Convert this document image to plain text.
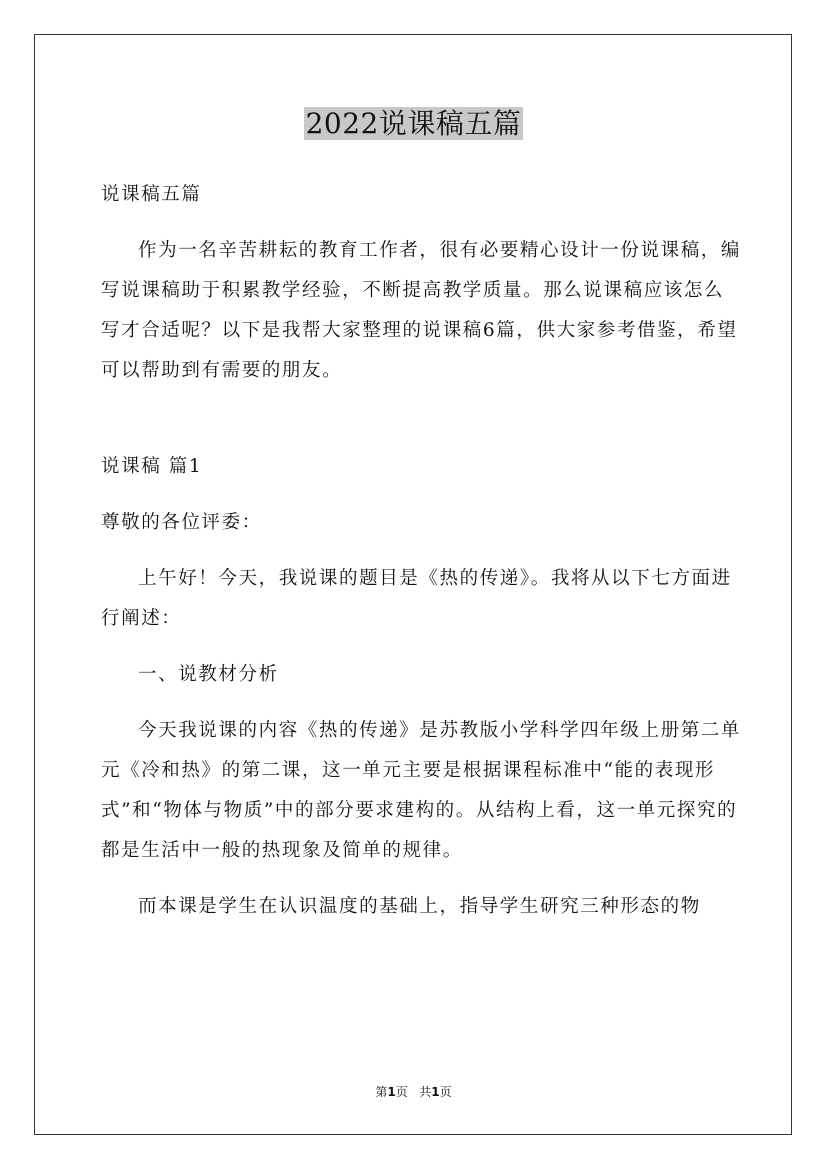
2022说课稿五篇

说课稿五篇

作为一名辛苦耕耘的教育工作者，很有必要精心设计一份说课稿，编写说课稿助于积累教学经验，不断提高教学质量。那么说课稿应该怎么写才合适呢？以下是我帮大家整理的说课稿6篇，供大家参考借鉴，希望可以帮助到有需要的朋友。

说课稿 篇1

尊敬的各位评委：

上午好！今天，我说课的题目是《热的传递》。我将从以下七方面进行阐述：

一、说教材分析

今天我说课的内容《热的传递》是苏教版小学科学四年级上册第二单元《冷和热》的第二课，这一单元主要是根据课程标准中“能的表现形式”和“物体与物质”中的部分要求建构的。从结构上看，这一单元探究的都是生活中一般的热现象及简单的规律。

而本课是学生在认识温度的基础上，指导学生研究三种形态的物

第1页 共1页
